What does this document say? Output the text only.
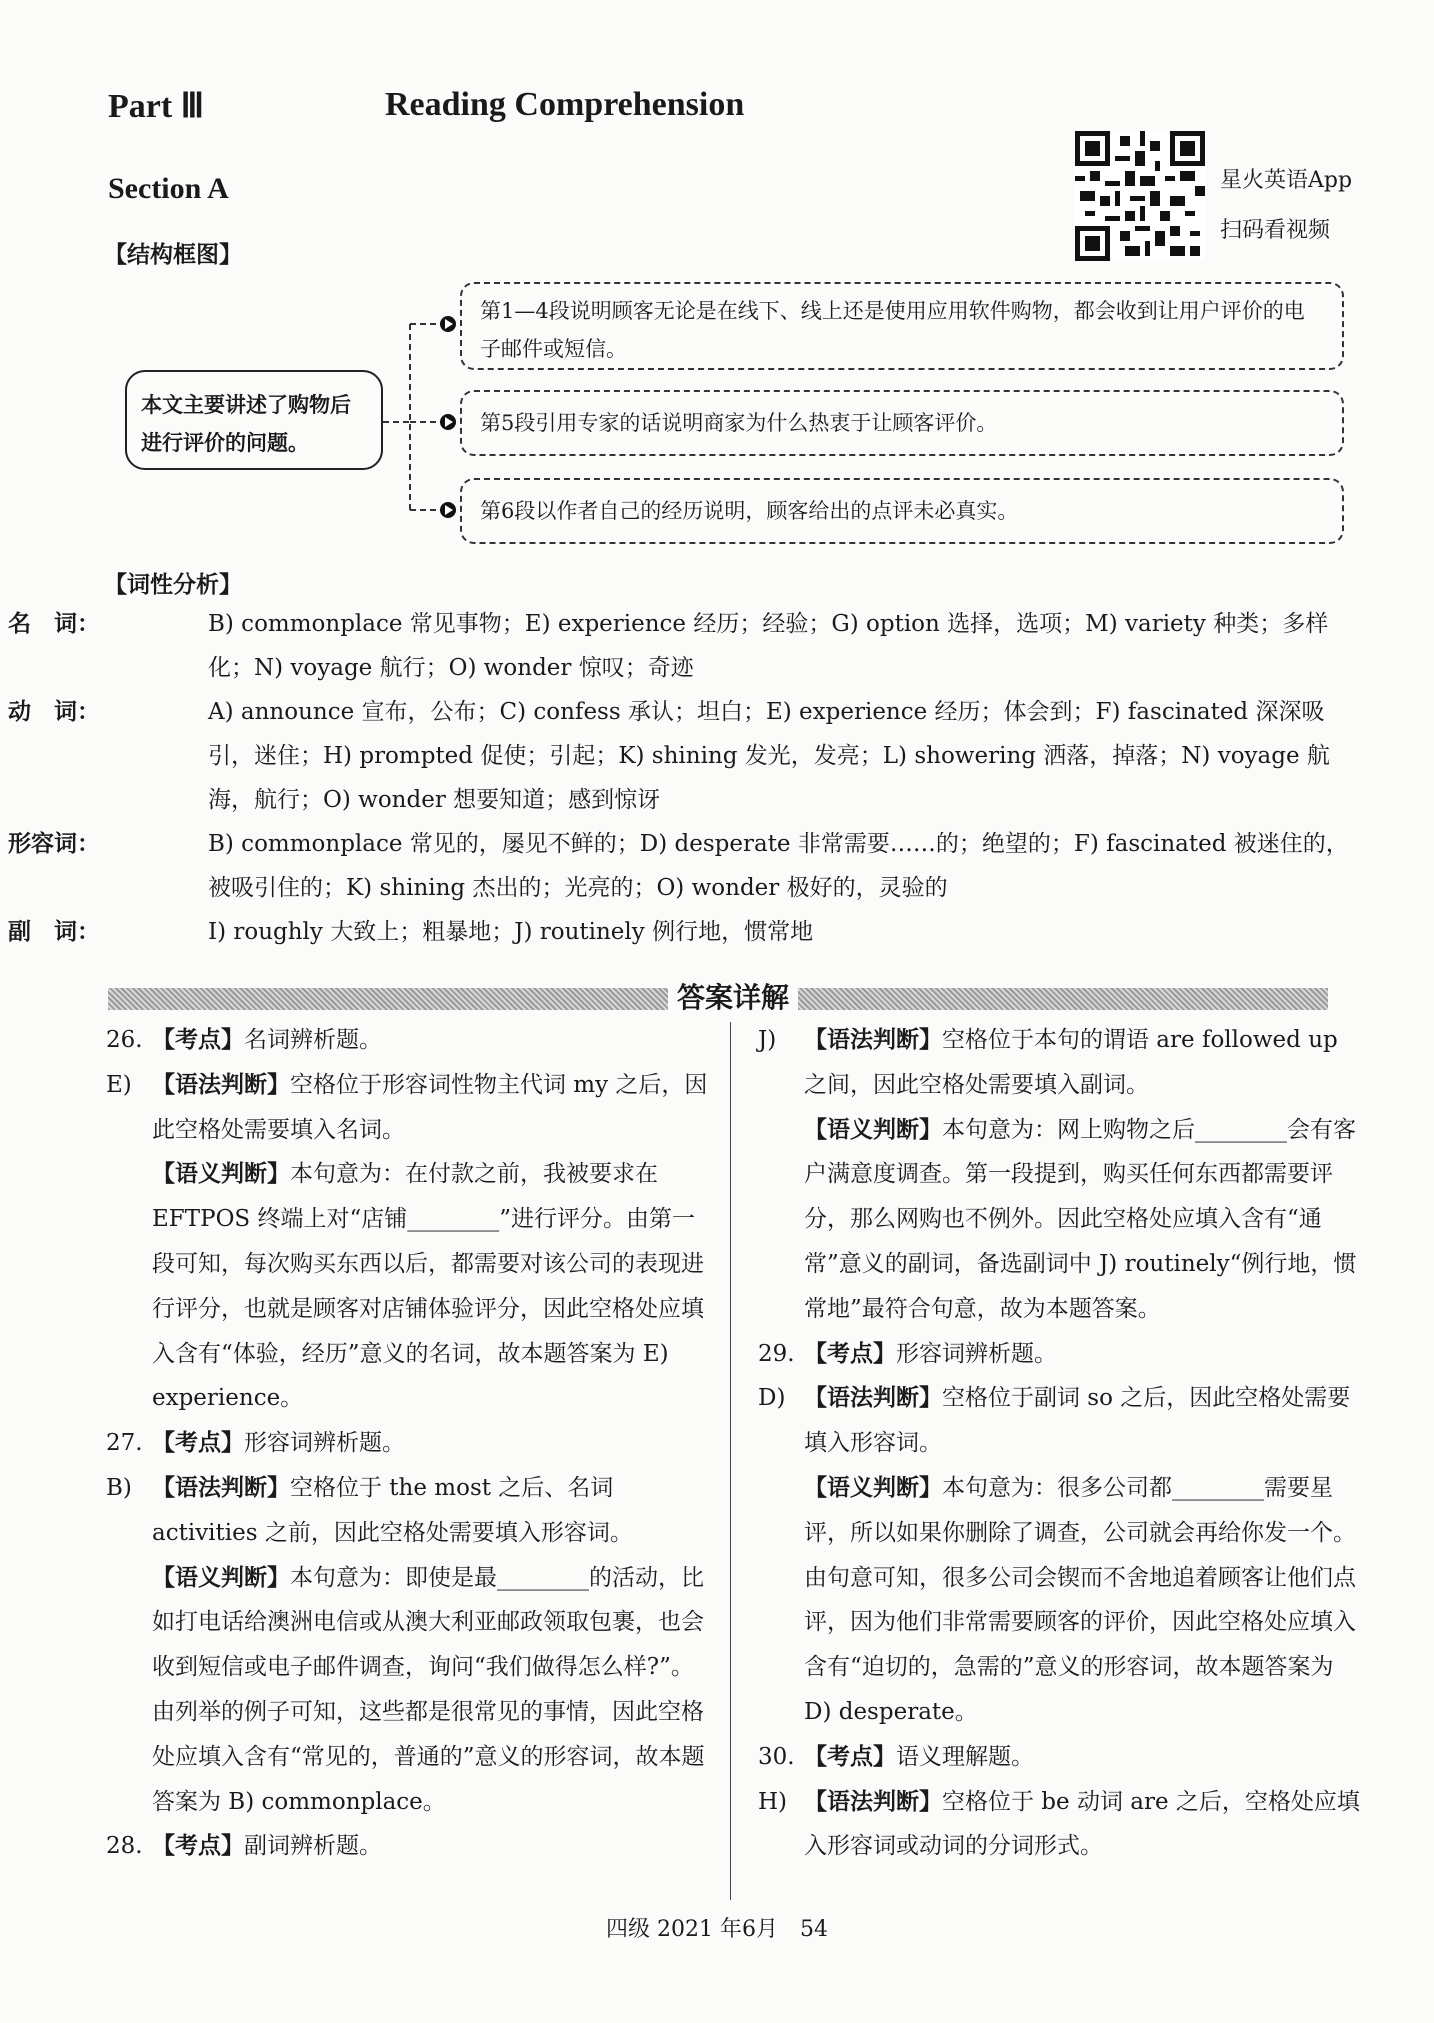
Part Ⅲ	Reading Comprehension
Section A	星火英语App
扫码看视频
【结构框图】
本文主要讲述了购物后进行评价的问题。
第1—4段说明顾客无论是在线下、线上还是使用应用软件购物，都会收到让用户评价的电子邮件或短信。
第5段引用专家的话说明商家为什么热衷于让顾客评价。
第6段以作者自己的经历说明，顾客给出的点评未必真实。
【词性分析】
名　词：	B) commonplace 常见事物；E) experience 经历；经验；G) option 选择，选项；M) variety 种类；多样化；N) voyage 航行；O) wonder 惊叹；奇迹
动　词：	A) announce 宣布，公布；C) confess 承认；坦白；E) experience 经历；体会到；F) fascinated 深深吸引，迷住；H) prompted 促使；引起；K) shining 发光，发亮；L) showering 洒落，掉落；N) voyage 航海，航行；O) wonder 想要知道；感到惊讶
形容词：	B) commonplace 常见的，屡见不鲜的；D) desperate 非常需要……的；绝望的；F) fascinated 被迷住的，被吸引住的；K) shining 杰出的；光亮的；O) wonder 极好的，灵验的
副　词：	I) roughly 大致上；粗暴地；J) routinely 例行地，惯常地
答案详解

26. 【考点】名词辨析题。

E) 【语法判断】空格位于形容词性物主代词 my 之后，因此空格处需要填入名词。

【语义判断】本句意为：在付款之前，我被要求在 EFTPOS 终端上对“店铺________”进行评分。由第一段可知，每次购买东西以后，都需要对该公司的表现进行评分，也就是顾客对店铺体验评分，因此空格处应填入含有“体验，经历”意义的名词，故本题答案为 E) experience。

27. 【考点】形容词辨析题。

B) 【语法判断】空格位于 the most 之后、名词 activities 之前，因此空格处需要填入形容词。

【语义判断】本句意为：即使是最________的活动，比如打电话给澳洲电信或从澳大利亚邮政领取包裹，也会收到短信或电子邮件调查，询问“我们做得怎么样?”。由列举的例子可知，这些都是很常见的事情，因此空格处应填入含有“常见的，普通的”意义的形容词，故本题答案为 B) commonplace。

28. 【考点】副词辨析题。

J) 【语法判断】空格位于本句的谓语 are followed up 之间，因此空格处需要填入副词。

【语义判断】本句意为：网上购物之后________会有客户满意度调查。第一段提到，购买任何东西都需要评分，那么网购也不例外。因此空格处应填入含有“通常”意义的副词，备选副词中 J) routinely“例行地，惯常地”最符合句意，故为本题答案。

29. 【考点】形容词辨析题。

D) 【语法判断】空格位于副词 so 之后，因此空格处需要填入形容词。

【语义判断】本句意为：很多公司都________需要星评，所以如果你删除了调查，公司就会再给你发一个。由句意可知，很多公司会锲而不舍地追着顾客让他们点评，因为他们非常需要顾客的评价，因此空格处应填入含有“迫切的，急需的”意义的形容词，故本题答案为 D) desperate。

30. 【考点】语义理解题。

H) 【语法判断】空格位于 be 动词 are 之后，空格处应填入形容词或动词的分词形式。

四级 2021 年6月　54
